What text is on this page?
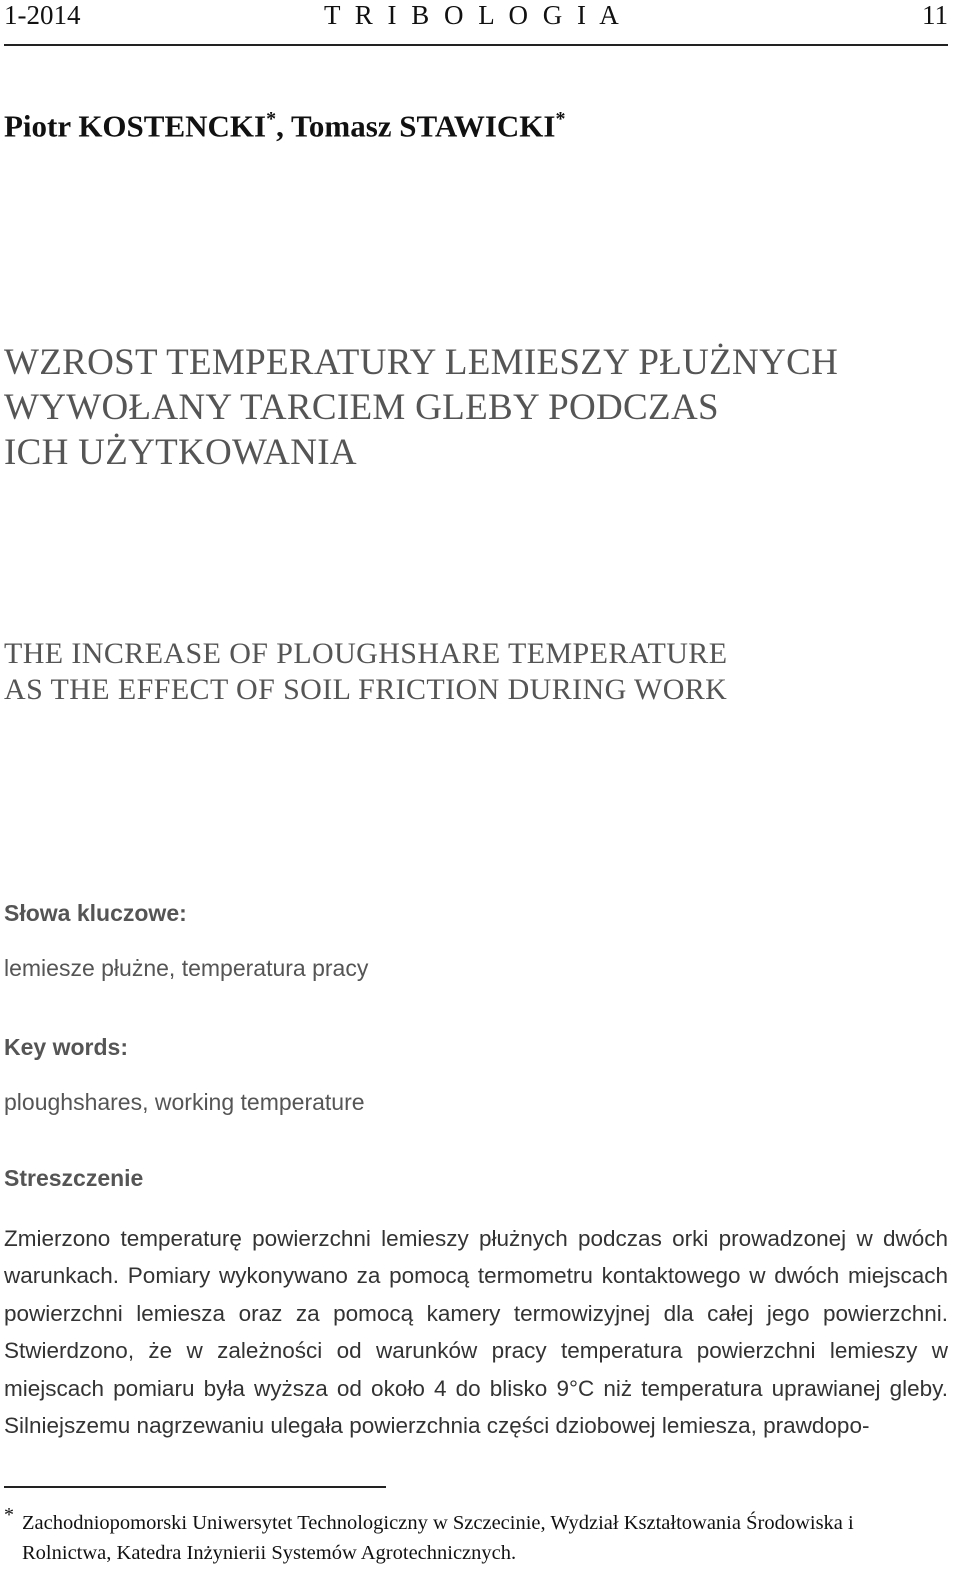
1-2014	T R I B O L O G I A	11
Piotr KOSTENCKI*, Tomasz STAWICKI*
WZROST TEMPERATURY LEMIESZY PŁUŻNYCH
WYWOŁANY TARCIEM GLEBY PODCZAS
ICH UŻYTKOWANIA
THE INCREASE OF PLOUGHSHARE TEMPERATURE
AS THE EFFECT OF SOIL FRICTION DURING WORK
Słowa kluczowe:
lemiesze płużne, temperatura pracy
Key words:
ploughshares, working temperature
Streszczenie
Zmierzono temperaturę powierzchni lemieszy płużnych podczas orki prowadzonej w dwóch warunkach. Pomiary wykonywano za pomocą termometru kontaktowego w dwóch miejscach powierzchni lemiesza oraz za pomocą kamery termowizyjnej dla całej jego powierzchni. Stwierdzono, że w zależności od warunków pracy temperatura powierzchni lemieszy w miejscach pomiaru była wyższa od około 4 do blisko 9°C niż temperatura uprawianej gleby. Silniejszemu nagrzewaniu ulegała powierzchnia części dziobowej lemiesza, prawdopo-
* Zachodniopomorski Uniwersytet Technologiczny w Szczecinie, Wydział Kształtowania Środowiska i Rolnictwa, Katedra Inżynierii Systemów Agrotechnicznych.
